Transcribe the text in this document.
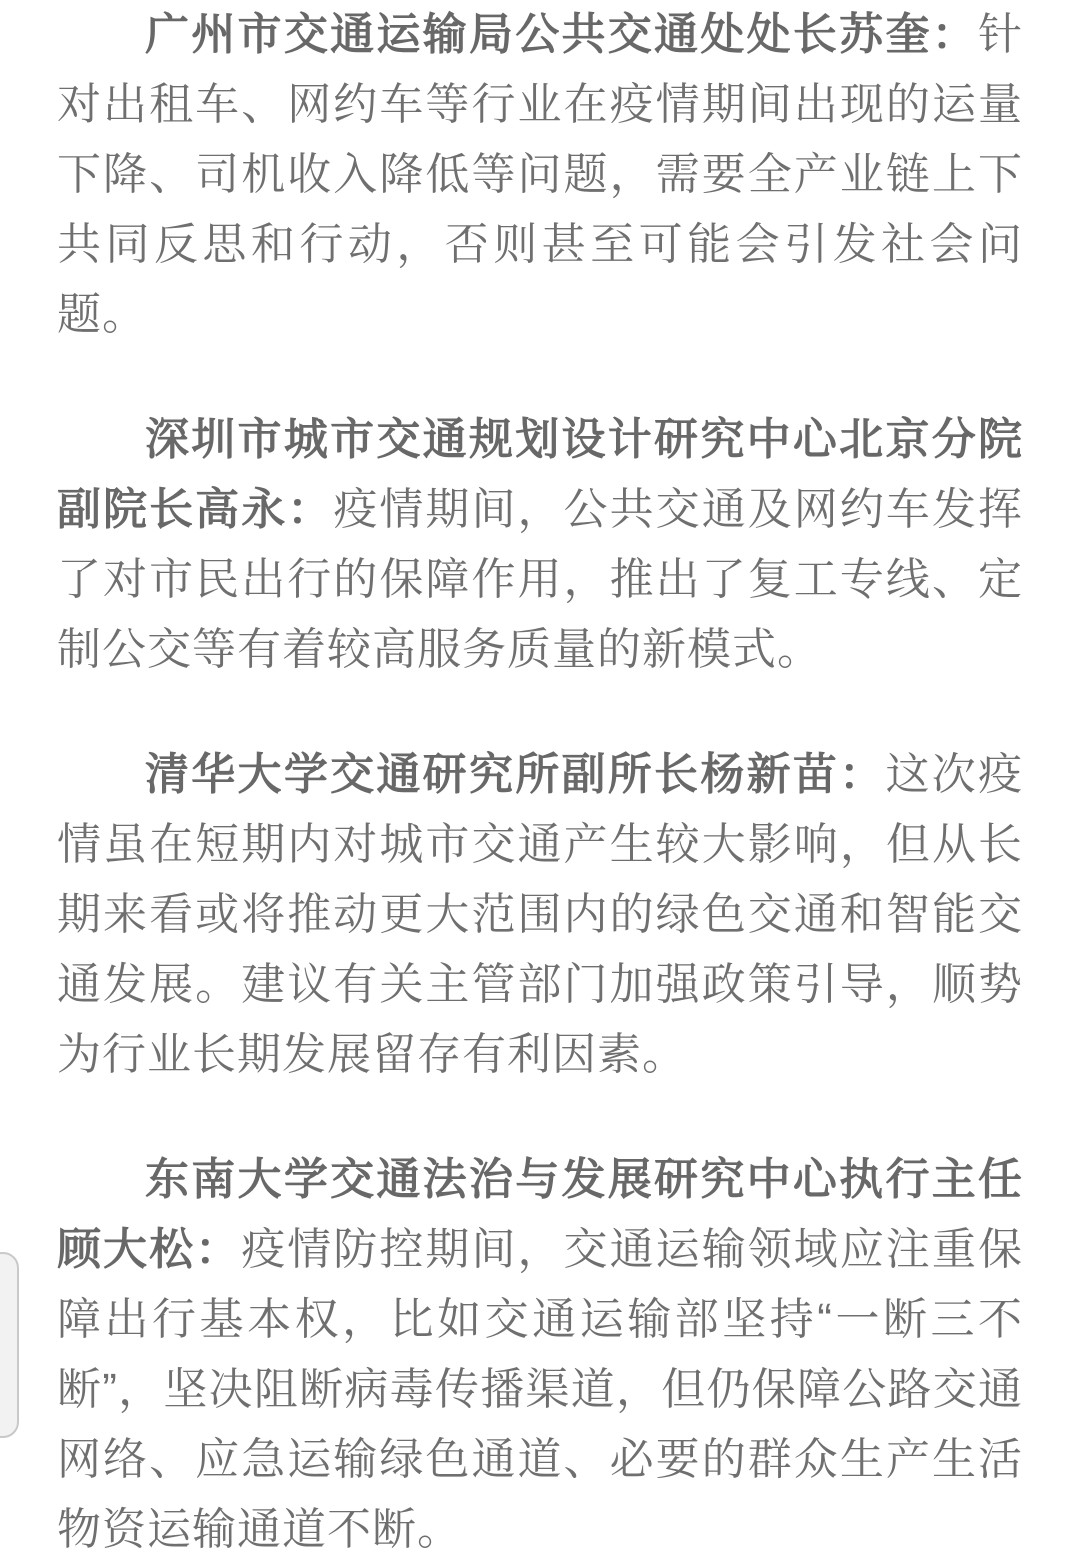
广州市交通运输局公共交通处处长苏奎：针对出租车、网约车等行业在疫情期间出现的运量下降、司机收入降低等问题，需要全产业链上下共同反思和行动，否则甚至可能会引发社会问题。

深圳市城市交通规划设计研究中心北京分院副院长高永：疫情期间，公共交通及网约车发挥了对市民出行的保障作用，推出了复工专线、定制公交等有着较高服务质量的新模式。

清华大学交通研究所副所长杨新苗：这次疫情虽在短期内对城市交通产生较大影响，但从长期来看或将推动更大范围内的绿色交通和智能交通发展。建议有关主管部门加强政策引导，顺势为行业长期发展留存有利因素。

东南大学交通法治与发展研究中心执行主任顾大松：疫情防控期间，交通运输领域应注重保障出行基本权，比如交通运输部坚持“一断三不断”，坚决阻断病毒传播渠道，但仍保障公路交通网络、应急运输绿色通道、必要的群众生产生活物资运输通道不断。
